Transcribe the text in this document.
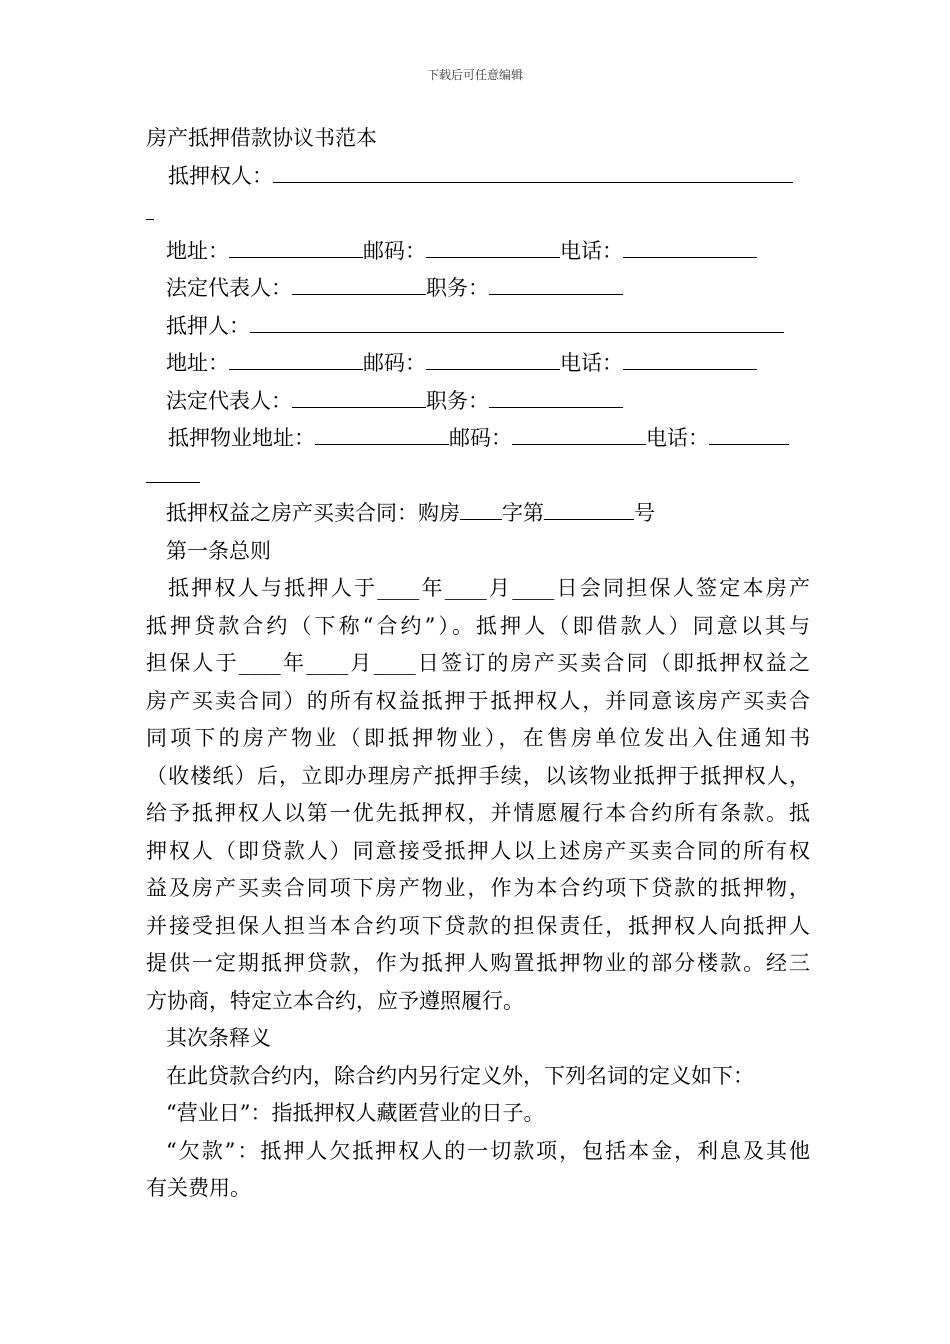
下载后可任意编辑
房产抵押借款协议书范本
抵押权人：
地址：	邮码：	电话：
法定代表人：	职务：
抵押人：
地址：	邮码：	电话：
法定代表人：	职务：
抵押物业地址：	邮码：	电话：
抵押权益之房产买卖合同：购房 字第	号
第一条总则
抵押权人与抵押人于____年____月____日会同担保人签定本房产
抵押贷款合约（下称“合约”）。抵押人（即借款人）同意以其与
担保人于____年____月____日签订的房产买卖合同（即抵押权益之
房产买卖合同）的所有权益抵押于抵押权人，并同意该房产买卖合
同项下的房产物业（即抵押物业），在售房单位发出入住通知书
（收楼纸）后，立即办理房产抵押手续，以该物业抵押于抵押权人，
给予抵押权人以第一优先抵押权，并情愿履行本合约所有条款。抵
押权人（即贷款人）同意接受抵押人以上述房产买卖合同的所有权
益及房产买卖合同项下房产物业，作为本合约项下贷款的抵押物，
并接受担保人担当本合约项下贷款的担保责任，抵押权人向抵押人
提供一定期抵押贷款，作为抵押人购置抵押物业的部分楼款。经三
方协商，特定立本合约，应予遵照履行。
其次条释义
在此贷款合约内，除合约内另行定义外，下列名词的定义如下：
“营业日”：指抵押权人藏匿营业的日子。
“欠款”：抵押人欠抵押权人的一切款项，包括本金，利息及其他
有关费用。
